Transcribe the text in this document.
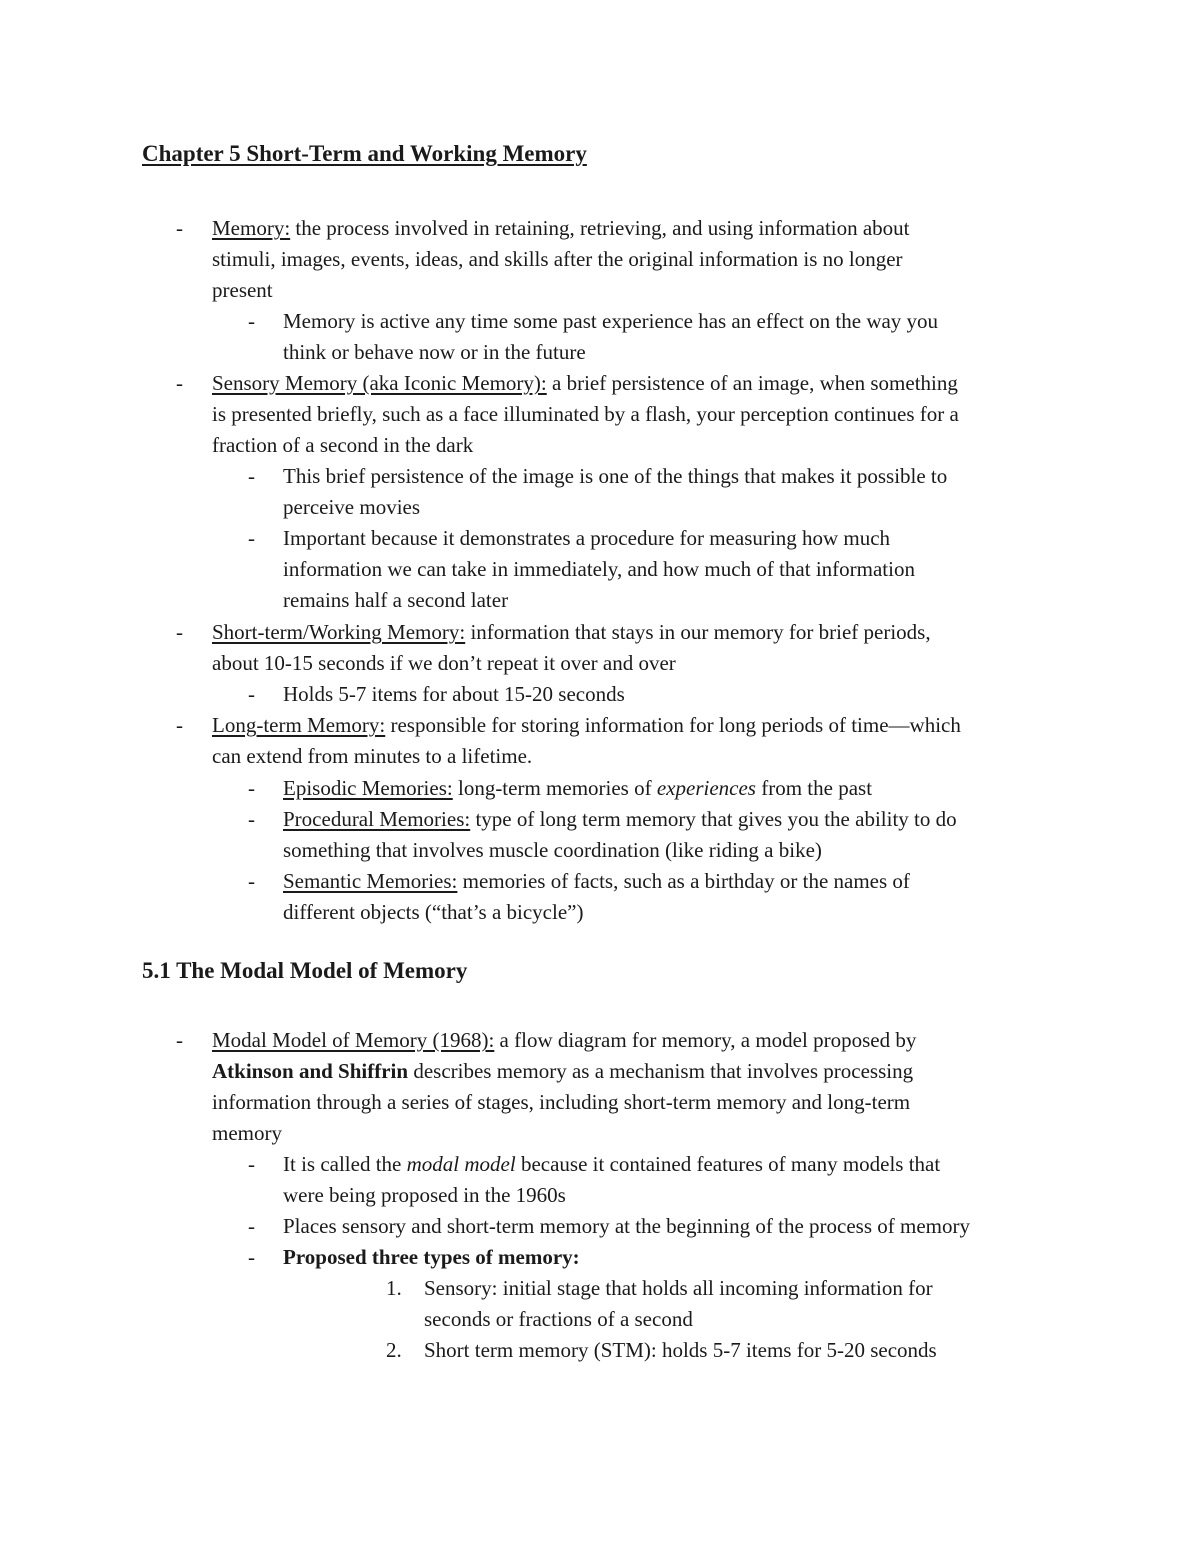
Chapter 5 Short-Term and Working Memory
- Memory: the process involved in retaining, retrieving, and using information about
stimuli, images, events, ideas, and skills after the original information is no longer
present
- Memory is active any time some past experience has an effect on the way you
think or behave now or in the future
- Sensory Memory (aka Iconic Memory): a brief persistence of an image, when something
is presented briefly, such as a face illuminated by a flash, your perception continues for a
fraction of a second in the dark
- This brief persistence of the image is one of the things that makes it possible to
perceive movies
- Important because it demonstrates a procedure for measuring how much
information we can take in immediately, and how much of that information
remains half a second later
- Short-term/Working Memory: information that stays in our memory for brief periods,
about 10-15 seconds if we don’t repeat it over and over
- Holds 5-7 items for about 15-20 seconds
- Long-term Memory: responsible for storing information for long periods of time—which
can extend from minutes to a lifetime.
- Episodic Memories: long-term memories of experiences from the past
- Procedural Memories: type of long term memory that gives you the ability to do
something that involves muscle coordination (like riding a bike)
- Semantic Memories: memories of facts, such as a birthday or the names of
different objects (“that’s a bicycle”)
5.1 The Modal Model of Memory
- Modal Model of Memory (1968): a flow diagram for memory, a model proposed by
Atkinson and Shiffrin describes memory as a mechanism that involves processing
information through a series of stages, including short-term memory and long-term
memory
- It is called the modal model because it contained features of many models that
were being proposed in the 1960s
- Places sensory and short-term memory at the beginning of the process of memory
- Proposed three types of memory:
1. Sensory: initial stage that holds all incoming information for
seconds or fractions of a second
2. Short term memory (STM): holds 5-7 items for 5-20 seconds
